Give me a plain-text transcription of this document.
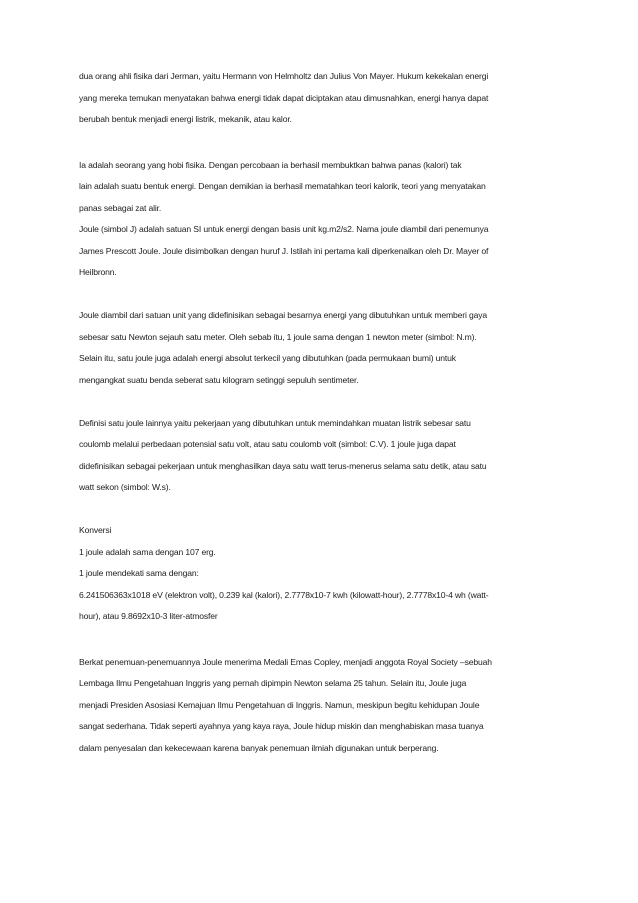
dua orang ahli fisika dari Jerman, yaitu Hermann von Helmholtz dan Julius Von Mayer. Hukum kekekalan energi
yang mereka temukan menyatakan bahwa energi tidak dapat diciptakan atau dimusnahkan, energi hanya dapat
berubah bentuk menjadi energi listrik, mekanik, atau kalor.
Ia adalah seorang yang hobi fisika. Dengan percobaan ia berhasil membuktkan bahwa panas (kalori) tak
lain adalah suatu bentuk energi. Dengan demikian ia berhasil mematahkan teori kalorik, teori yang menyatakan
panas sebagai zat alir.
Joule (simbol J) adalah satuan SI untuk energi dengan basis unit kg.m2/s2. Nama joule diambil dari penemunya
James Prescott Joule. Joule disimbolkan dengan huruf J. Istilah ini pertama kali diperkenalkan oleh Dr. Mayer of
Heilbronn.
Joule diambil dari satuan unit yang didefinisikan sebagai besarnya energi yang dibutuhkan untuk memberi gaya
sebesar satu Newton sejauh satu meter. Oleh sebab itu, 1 joule sama dengan 1 newton meter (simbol: N.m).
Selain itu, satu joule juga adalah energi absolut terkecil yang dibutuhkan (pada permukaan bumi) untuk
mengangkat suatu benda seberat satu kilogram setinggi sepuluh sentimeter.
Definisi satu joule lainnya yaitu pekerjaan yang dibutuhkan untuk memindahkan muatan listrik sebesar satu
coulomb melalui perbedaan potensial satu volt, atau satu coulomb volt (simbol: C.V). 1 joule juga dapat
didefinisikan sebagai pekerjaan untuk menghasilkan daya satu watt terus-menerus selama satu detik, atau satu
watt sekon (simbol: W.s).
Konversi
1 joule adalah sama dengan 107 erg.
1 joule mendekati sama dengan:
6.241506363x1018 eV (elektron volt), 0.239 kal (kalori), 2.7778x10-7 kwh (kilowatt-hour), 2.7778x10-4 wh (watt-
hour), atau 9.8692x10-3 liter-atmosfer
Berkat penemuan-penemuannya Joule menerima Medali Emas Copley, menjadi anggota Royal Society –sebuah
Lembaga Ilmu Pengetahuan Inggris yang pernah dipimpin Newton selama 25 tahun. Selain itu, Joule juga
menjadi Presiden Asosiasi Kemajuan Ilmu Pengetahuan di Inggris. Namun, meskipun begitu kehidupan Joule
sangat sederhana. Tidak seperti ayahnya yang kaya raya, Joule hidup miskin dan menghabiskan masa tuanya
dalam penyesalan dan kekecewaan karena banyak penemuan ilmiah digunakan untuk berperang.
